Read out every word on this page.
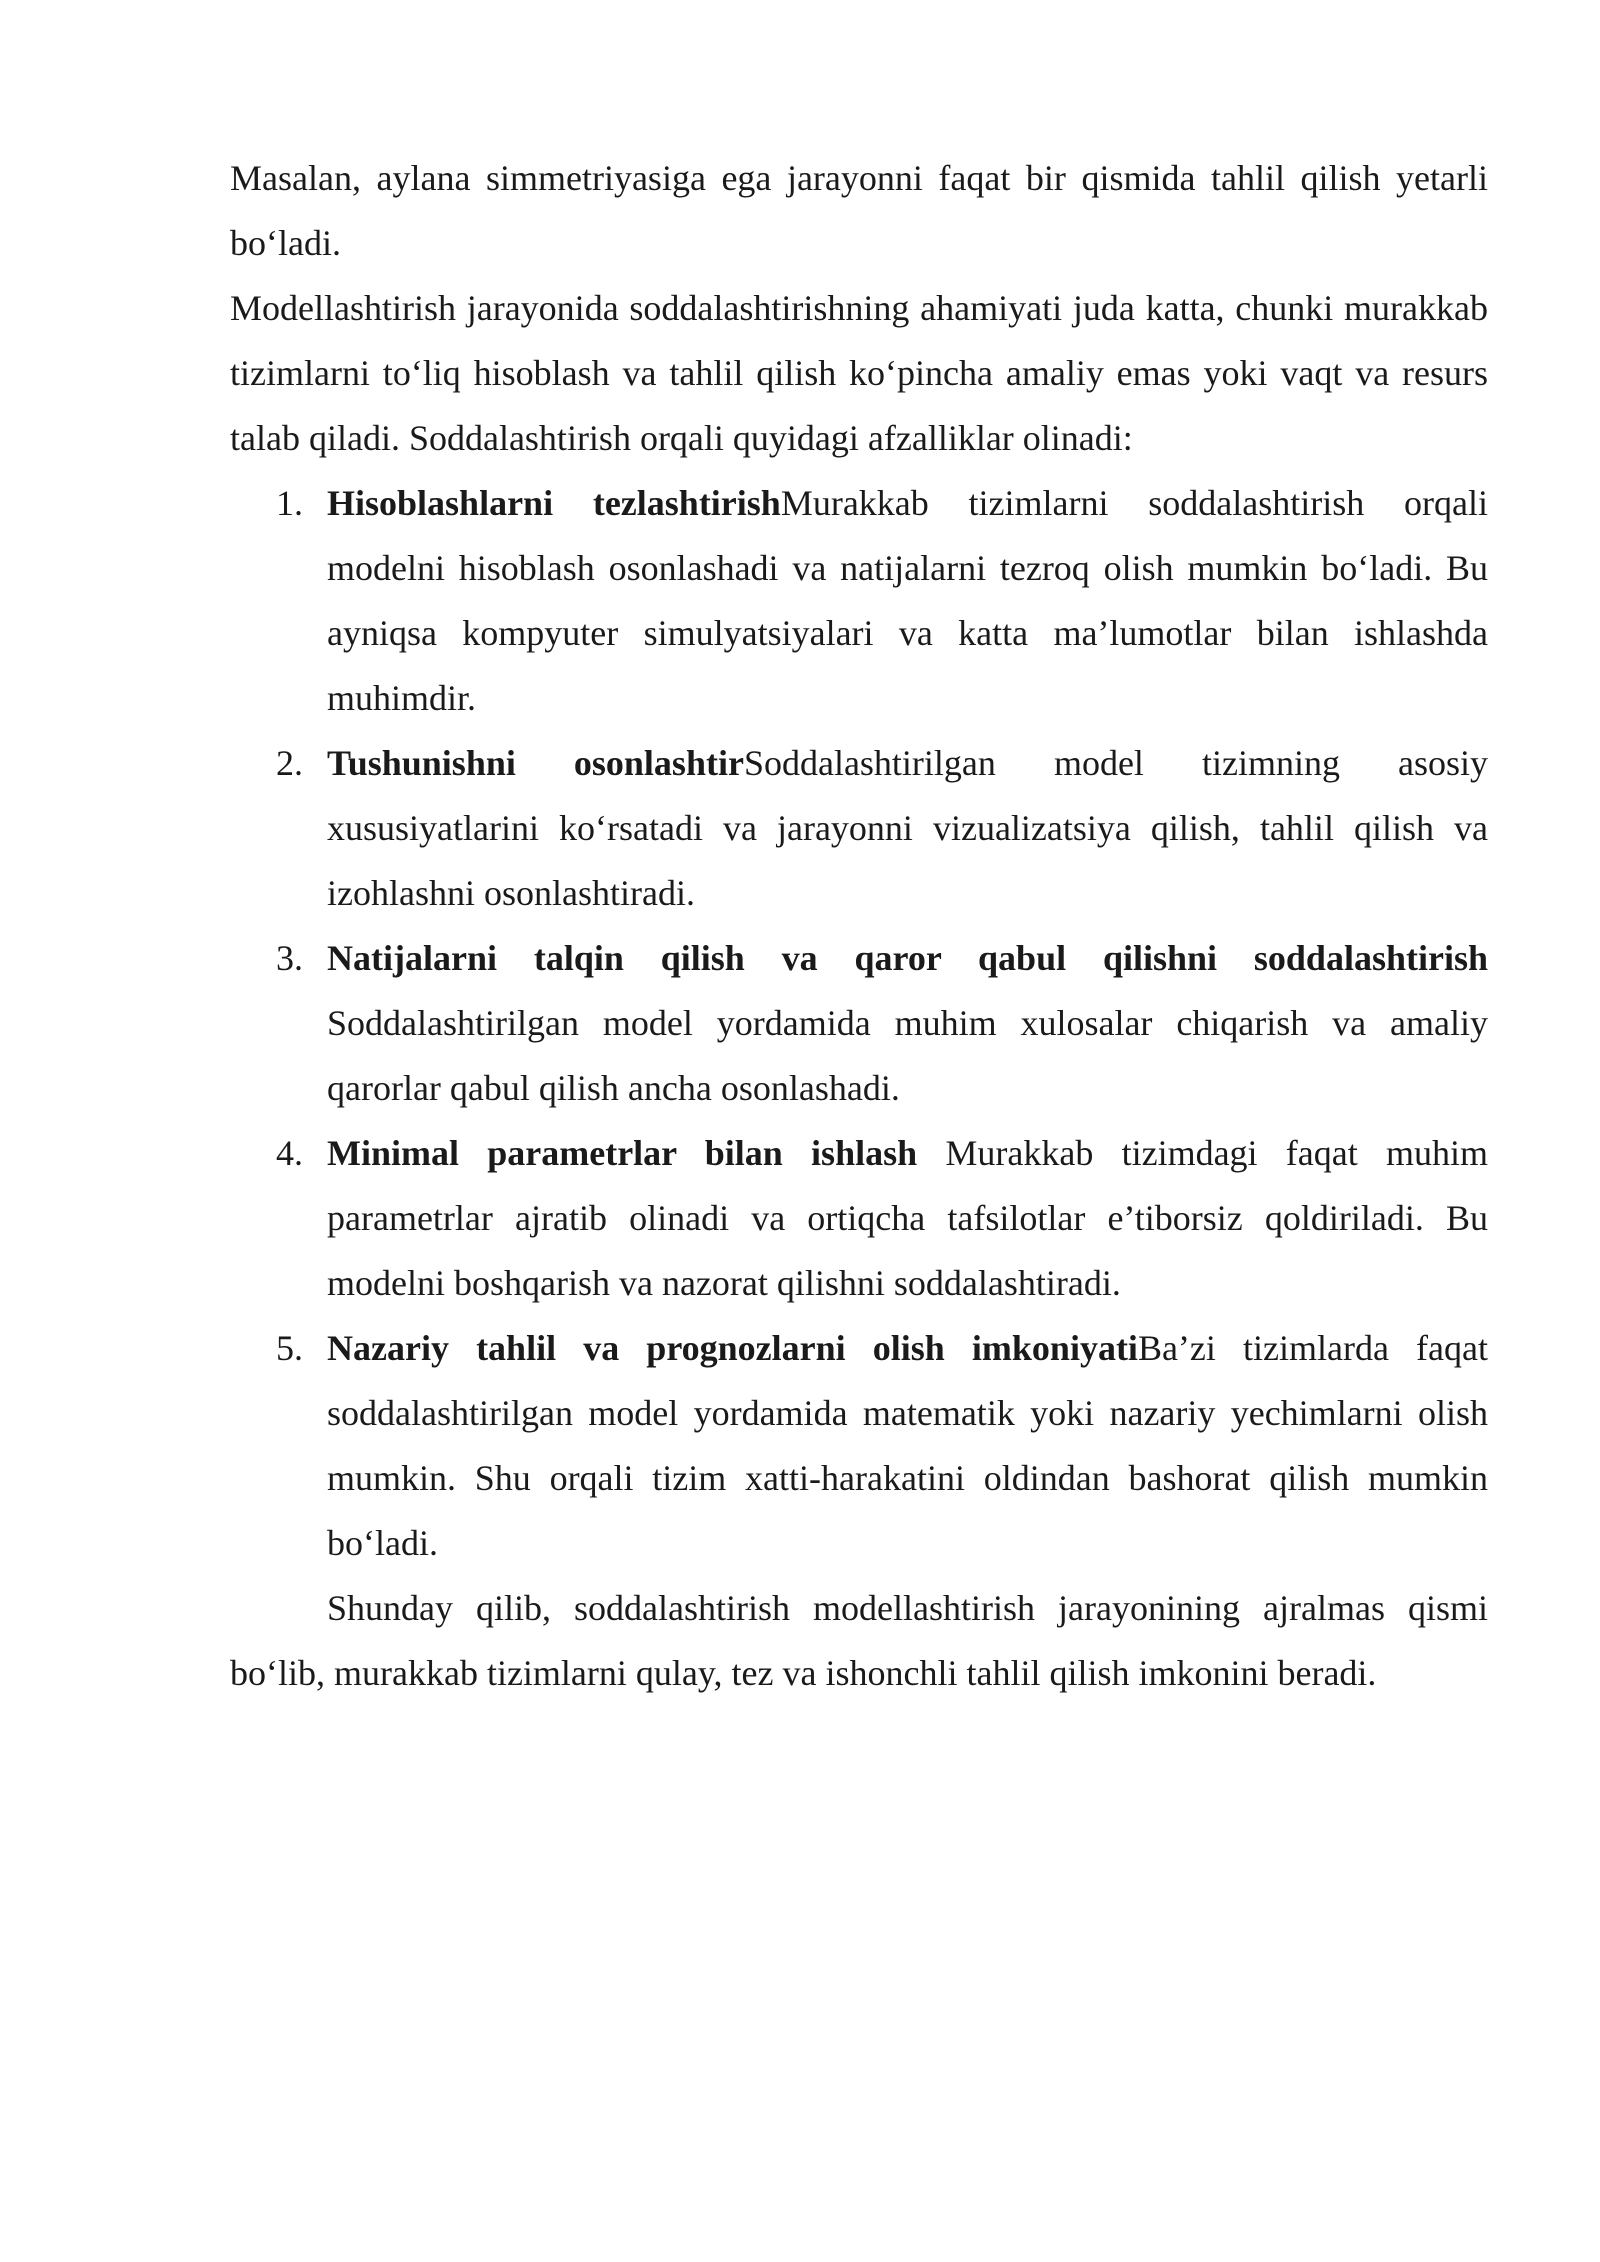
Masalan, aylana simmetriyasiga ega jarayonni faqat bir qismida tahlil qilish yetarli bo‘ladi.

Modellashtirish jarayonida soddalashtirishning ahamiyati juda katta, chunki murakkab tizimlarni to‘liq hisoblash va tahlil qilish ko‘pincha amaliy emas yoki vaqt va resurs talab qiladi. Soddalashtirish orqali quyidagi afzalliklar olinadi:

1. Hisoblashlarni tezlashtirishMurakkab tizimlarni soddalashtirish orqali modelni hisoblash osonlashadi va natijalarni tezroq olish mumkin bo‘ladi. Bu ayniqsa kompyuter simulyatsiyalari va katta ma’lumotlar bilan ishlashda muhimdir.
2. Tushunishni osonlashtirSoddalashtirilgan model tizimning asosiy xususiyatlarini ko‘rsatadi va jarayonni vizualizatsiya qilish, tahlil qilish va izohlashni osonlashtiradi.
3. Natijalarni talqin qilish va qaror qabul qilishni soddalashtirish Soddalashtirilgan model yordamida muhim xulosalar chiqarish va amaliy qarorlar qabul qilish ancha osonlashadi.
4. Minimal parametrlar bilan ishlash Murakkab tizimdagi faqat muhim parametrlar ajratib olinadi va ortiqcha tafsilotlar e’tiborsiz qoldiriladi. Bu modelni boshqarish va nazorat qilishni soddalashtiradi.
5. Nazariy tahlil va prognozlarni olish imkoniyatiBa’zi tizimlarda faqat soddalashtirilgan model yordamida matematik yoki nazariy yechimlarni olish mumkin. Shu orqali tizim xatti-harakatini oldindan bashorat qilish mumkin bo‘ladi.

Shunday qilib, soddalashtirish modellashtirish jarayonining ajralmas qismi bo‘lib, murakkab tizimlarni qulay, tez va ishonchli tahlil qilish imkonini beradi.
